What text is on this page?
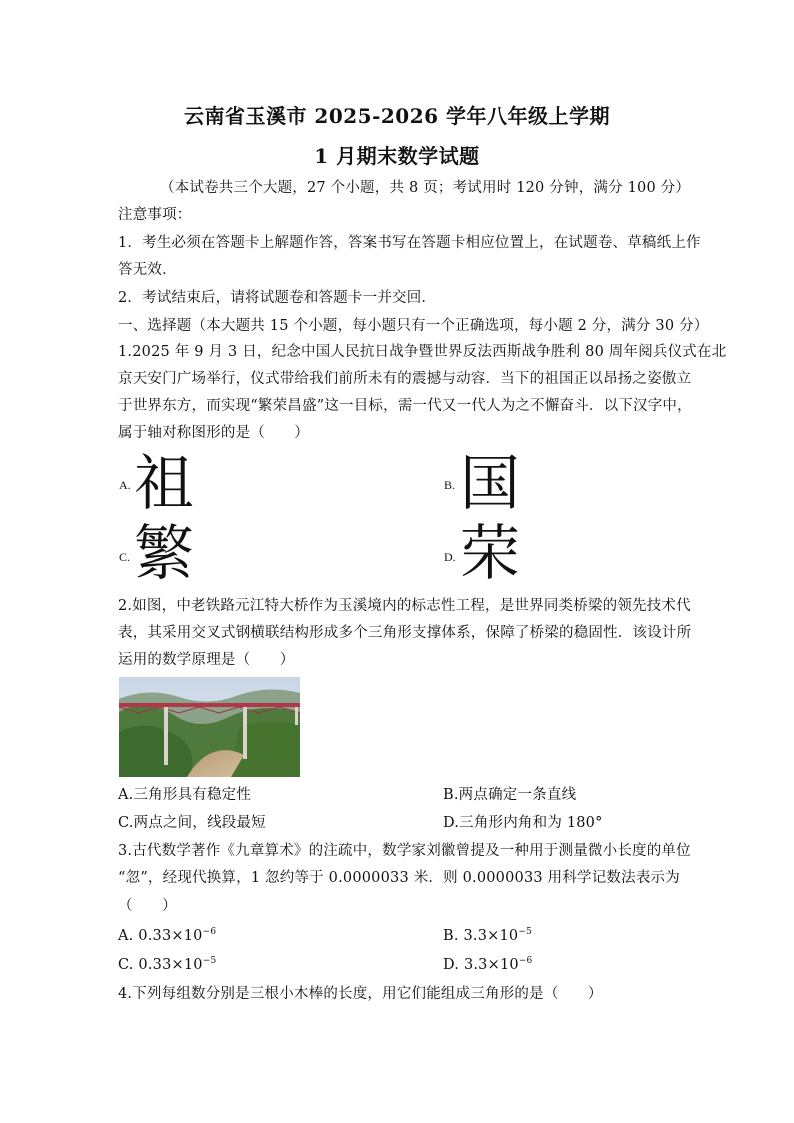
云南省玉溪市 2025-2026 学年八年级上学期
1 月期末数学试题
（本试卷共三个大题，27 个小题，共 8 页；考试用时 120 分钟，满分 100 分）
注意事项：
1．考生必须在答题卡上解题作答，答案书写在答题卡相应位置上，在试题卷、草稿纸上作
答无效．
2．考试结束后，请将试题卷和答题卡一并交回．
一、选择题（本大题共 15 个小题，每小题只有一个正确选项，每小题 2 分，满分 30 分）
1.2025 年 9 月 3 日，纪念中国人民抗日战争暨世界反法西斯战争胜利 80 周年阅兵仪式在北
京天安门广场举行，仪式带给我们前所未有的震撼与动容．当下的祖国正以昂扬之姿傲立
于世界东方，而实现“繁荣昌盛”这一目标，需一代又一代人为之不懈奋斗．以下汉字中，
属于轴对称图形的是（　　）
A. 祖	B. 国
C. 繁	D. 荣
2.如图，中老铁路元江特大桥作为玉溪境内的标志性工程，是世界同类桥梁的领先技术代
表，其采用交叉式钢横联结构形成多个三角形支撑体系，保障了桥梁的稳固性．该设计所
运用的数学原理是（　　）
A.三角形具有稳定性	B.两点确定一条直线
C.两点之间，线段最短	D.三角形内角和为 180°
3.古代数学著作《九章算术》的注疏中，数学家刘徽曾提及一种用于测量微小长度的单位
“忽”，经现代换算，1 忽约等于 0.0000033 米．则 0.0000033 用科学记数法表示为
（　　）
A. $0.33\times 10^{-6}$	B. $3.3\times 10^{-5}$
C. $0.33\times 10^{-5}$	D. $3.3\times 10^{-6}$
4.下列每组数分别是三根小木棒的长度，用它们能组成三角形的是（　　）
